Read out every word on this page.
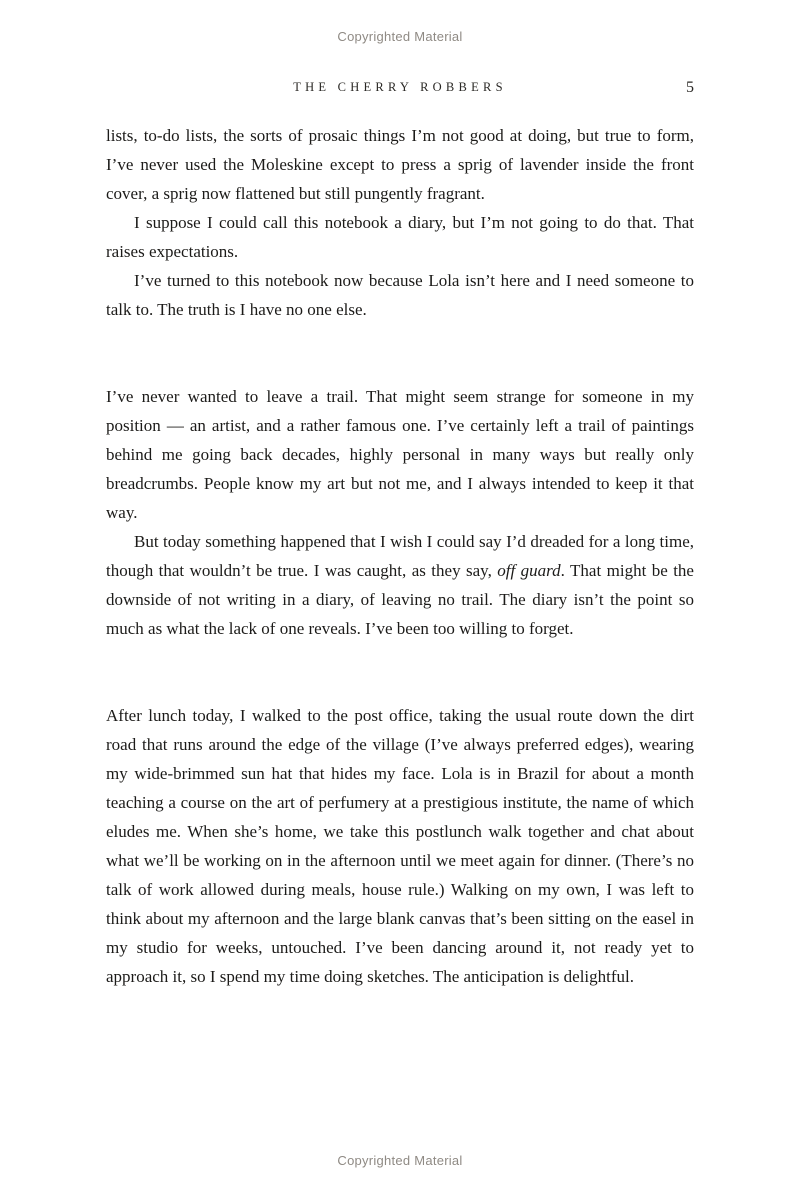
Copyrighted Material
THE CHERRY ROBBERS	5

lists, to-do lists, the sorts of prosaic things I’m not good at doing, but true to form, I’ve never used the Moleskine except to press a sprig of lavender inside the front cover, a sprig now flattened but still pungently fragrant.

I suppose I could call this notebook a diary, but I’m not going to do that. That raises expectations.

I’ve turned to this notebook now because Lola isn’t here and I need someone to talk to. The truth is I have no one else.

I’ve never wanted to leave a trail. That might seem strange for someone in my position — an artist, and a rather famous one. I’ve certainly left a trail of paintings behind me going back decades, highly personal in many ways but really only breadcrumbs. People know my art but not me, and I always intended to keep it that way.

But today something happened that I wish I could say I’d dreaded for a long time, though that wouldn’t be true. I was caught, as they say, off guard. That might be the downside of not writing in a diary, of leaving no trail. The diary isn’t the point so much as what the lack of one reveals. I’ve been too willing to forget.

After lunch today, I walked to the post office, taking the usual route down the dirt road that runs around the edge of the village (I’ve always preferred edges), wearing my wide-brimmed sun hat that hides my face. Lola is in Brazil for about a month teaching a course on the art of perfumery at a prestigious institute, the name of which eludes me. When she’s home, we take this postlunch walk together and chat about what we’ll be working on in the afternoon until we meet again for dinner. (There’s no talk of work allowed during meals, house rule.) Walking on my own, I was left to think about my afternoon and the large blank canvas that’s been sitting on the easel in my studio for weeks, untouched. I’ve been dancing around it, not ready yet to approach it, so I spend my time doing sketches. The anticipation is delightful.

Copyrighted Material
